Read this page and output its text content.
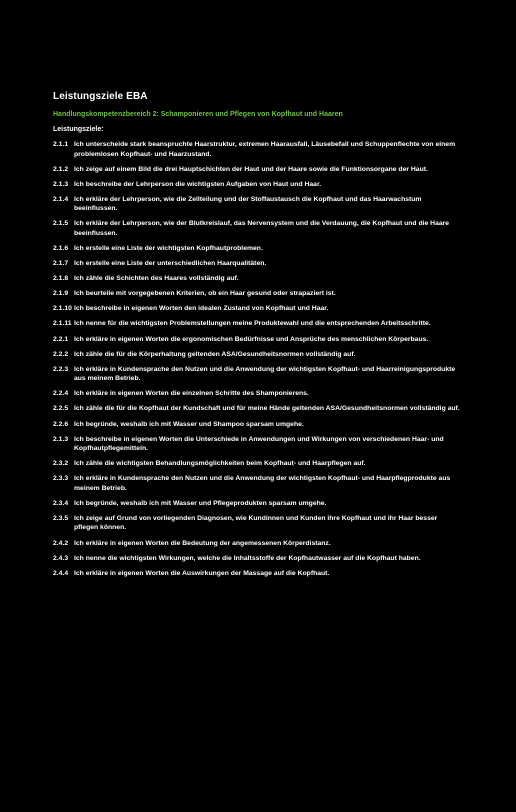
Leistungsziele EBA
Handlungskompetenzbereich 2: Schamponieren und Pflegen von Kopfhaut und Haaren
Leistungsziele:
2.1.1 Ich unterscheide stark beanspruchte Haarstruktur, extremen Haarausfall, Läusebefall und Schuppenflechte von einem problemlosen Kopfhaut- und Haarzustand.
2.1.2 Ich zeige auf einem Bild die drei Hauptschichten der Haut und der Haare sowie die Funktionsorgane der Haut.
2.1.3 Ich beschreibe der Lehrperson die wichtigsten Aufgaben von Haut und Haar.
2.1.4 Ich erkläre der Lehrperson, wie die Zellteilung und der Stoffaustausch die Kopfhaut und das Haarwachstum beeinflussen.
2.1.5 Ich erkläre der Lehrperson, wie der Blutkreislauf, das Nervensystem und die Verdauung, die Kopfhaut und die Haare beeinflussen.
2.1.6 Ich erstelle eine Liste der wichtigsten Kopfhautproblemen.
2.1.7 Ich erstelle eine Liste der unterschiedlichen Haarqualitäten.
2.1.8 Ich zähle die Schichten des Haares vollständig auf.
2.1.9 Ich beurteile mit vorgegebenen Kriterien, ob ein Haar gesund oder strapaziert ist.
2.1.10 Ich beschreibe in eigenen Worten den idealen Zustand von Kopfhaut und Haar.
2.1.11 Ich nenne für die wichtigsten Problemstellungen meine Produktewahl und die entsprechenden Arbeitsschritte.
2.2.1 Ich erkläre in eigenen Worten die ergonomischen Bedürfnisse und Ansprüche des menschlichen Körperbaus.
2.2.2 Ich zähle die für die Körperhaltung geltenden ASA/Gesundheitsnormen vollständig auf.
2.2.3 Ich erkläre in Kundensprache den Nutzen und die Anwendung der wichtigsten Kopfhaut- und Haarreinigungsprodukte aus meinem Betrieb.
2.2.4 Ich erkläre in eigenen Worten die einzelnen Schritte des Shamponierens.
2.2.5 Ich zähle die für die Kopfhaut der Kundschaft und für meine Hände geltenden ASA/Gesundheitsnormen vollständig auf.
2.2.6 Ich begründe, weshalb ich mit Wasser und Shampoo sparsam umgehe.
2.1.3 Ich beschreibe in eigenen Worten die Unterschiede in Anwendungen und Wirkungen von verschiedenen Haar- und Kopfhautpflegemitteln.
2.3.2 Ich zähle die wichtigsten Behandlungsmöglichkeiten beim Kopfhaut- und Haarpflegen auf.
2.3.3 Ich erkläre in Kundensprache den Nutzen und die Anwendung der wichtigsten Kopfhaut- und Haarpflegprodukte aus meinem Betrieb.
2.3.4 Ich begründe, weshalb ich mit Wasser und Pflegeprodukten sparsam umgehe.
2.3.5 Ich zeige auf Grund von vorliegenden Diagnosen, wie Kundinnen und Kunden ihre Kopfhaut und ihr Haar besser pflegen können.
2.4.2 Ich erkläre in eigenen Worten die Bedeutung der angemessenen Körperdistanz.
2.4.3 Ich nenne die wichtigsten Wirkungen, welche die Inhaltsstoffe der Kopfhautwasser auf die Kopfhaut haben.
2.4.4 Ich erkläre in eigenen Worten die Auswirkungen der Massage auf die Kopfhaut.
